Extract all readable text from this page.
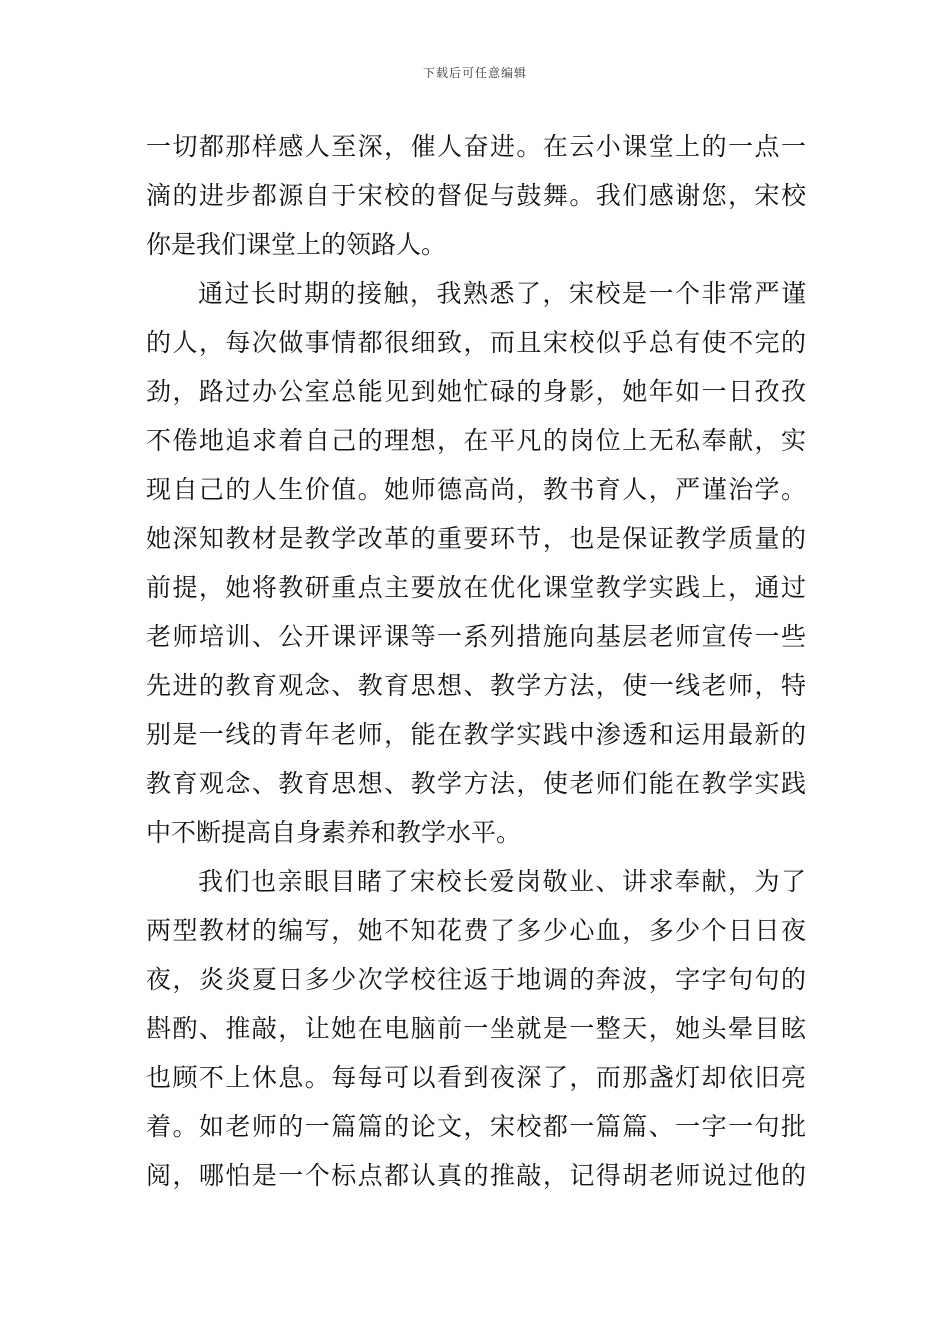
下载后可任意编辑
一切都那样感人至深，催人奋进。在云小课堂上的一点一
滴的进步都源自于宋校的督促与鼓舞。我们感谢您，宋校
你是我们课堂上的领路人。
通过长时期的接触，我熟悉了，宋校是一个非常严谨
的人，每次做事情都很细致，而且宋校似乎总有使不完的
劲，路过办公室总能见到她忙碌的身影，她年如一日孜孜
不倦地追求着自己的理想，在平凡的岗位上无私奉献，实
现自己的人生价值。她师德高尚，教书育人，严谨治学。
她深知教材是教学改革的重要环节，也是保证教学质量的
前提，她将教研重点主要放在优化课堂教学实践上，通过
老师培训、公开课评课等一系列措施向基层老师宣传一些
先进的教育观念、教育思想、教学方法，使一线老师，特
别是一线的青年老师，能在教学实践中渗透和运用最新的
教育观念、教育思想、教学方法，使老师们能在教学实践
中不断提高自身素养和教学水平。
我们也亲眼目睹了宋校长爱岗敬业、讲求奉献，为了
两型教材的编写，她不知花费了多少心血，多少个日日夜
夜，炎炎夏日多少次学校往返于地调的奔波，字字句句的
斟酌、推敲，让她在电脑前一坐就是一整天，她头晕目眩
也顾不上休息。每每可以看到夜深了，而那盏灯却依旧亮
着。如老师的一篇篇的论文，宋校都一篇篇、一字一句批
阅，哪怕是一个标点都认真的推敲，记得胡老师说过他的
